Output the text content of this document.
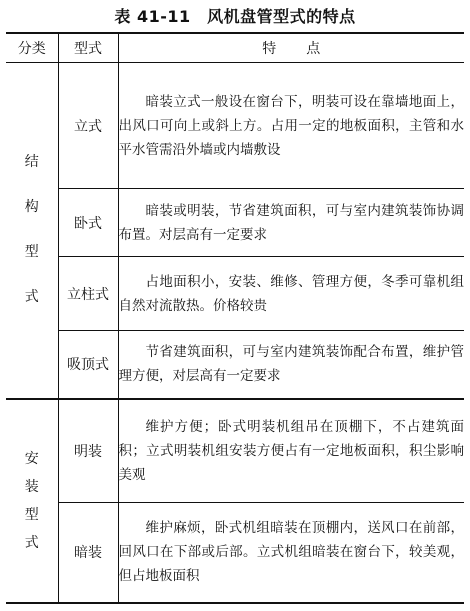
表 41-11　风机盘管型式的特点
分类	型式	特点
结构型式	立式	暗装立式一般设在窗台下，明装可设在靠墙地面上，出风口可向上或斜上方。占用一定的地板面积，主管和水平水管需沿外墙或内墙敷设
	卧式	暗装或明装，节省建筑面积，可与室内建筑装饰协调布置。对层高有一定要求
	立柱式	占地面积小，安装、维修、管理方便，冬季可靠机组自然对流散热。价格较贵
	吸顶式	节省建筑面积，可与室内建筑装饰配合布置，维护管理方便，对层高有一定要求
安装型式	明装	维护方便；卧式明装机组吊在顶棚下，不占建筑面积；立式明装机组安装方便占有一定地板面积，积尘影响美观
	暗装	维护麻烦，卧式机组暗装在顶棚内，送风口在前部，回风口在下部或后部。立式机组暗装在窗台下，较美观，但占地板面积
